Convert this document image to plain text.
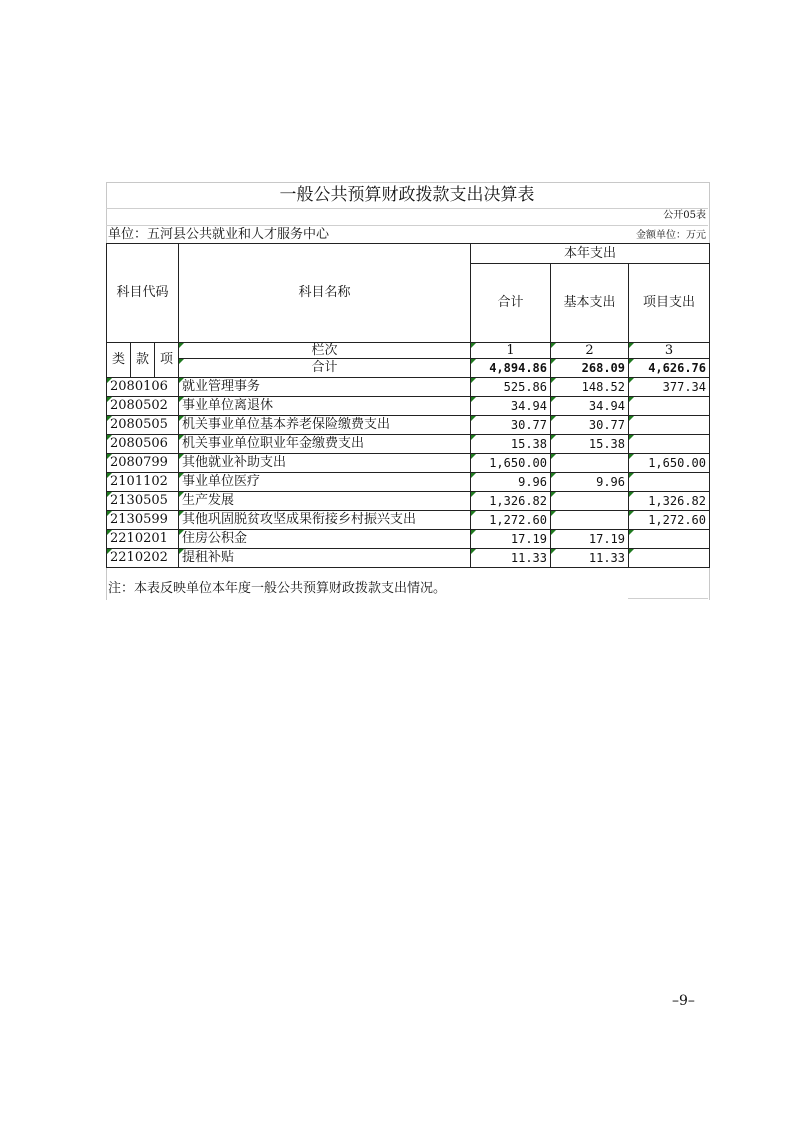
一般公共预算财政拨款支出决算表
公开05表
单位：五河县公共就业和人才服务中心	金额单位：万元
科目代码			科目名称	本年支出		
				合计	基本支出	项目支出

类	款	项	栏次	1	2	3
			合计	4,894.86	268.09	4,626.76
2080106			就业管理事务	525.86	148.52	377.34
2080502			事业单位离退休	34.94	34.94	
2080505			机关事业单位基本养老保险缴费支出	30.77	30.77	
2080506			机关事业单位职业年金缴费支出	15.38	15.38	
2080799			其他就业补助支出	1,650.00		1,650.00
2101102			事业单位医疗	9.96	9.96	
2130505			生产发展	1,326.82		1,326.82
2130599			其他巩固脱贫攻坚成果衔接乡村振兴支出	1,272.60		1,272.60
2210201			住房公积金	17.19	17.19	
2210202			提租补贴	11.33	11.33	
注：本表反映单位本年度一般公共预算财政拨款支出情况。
–9–
